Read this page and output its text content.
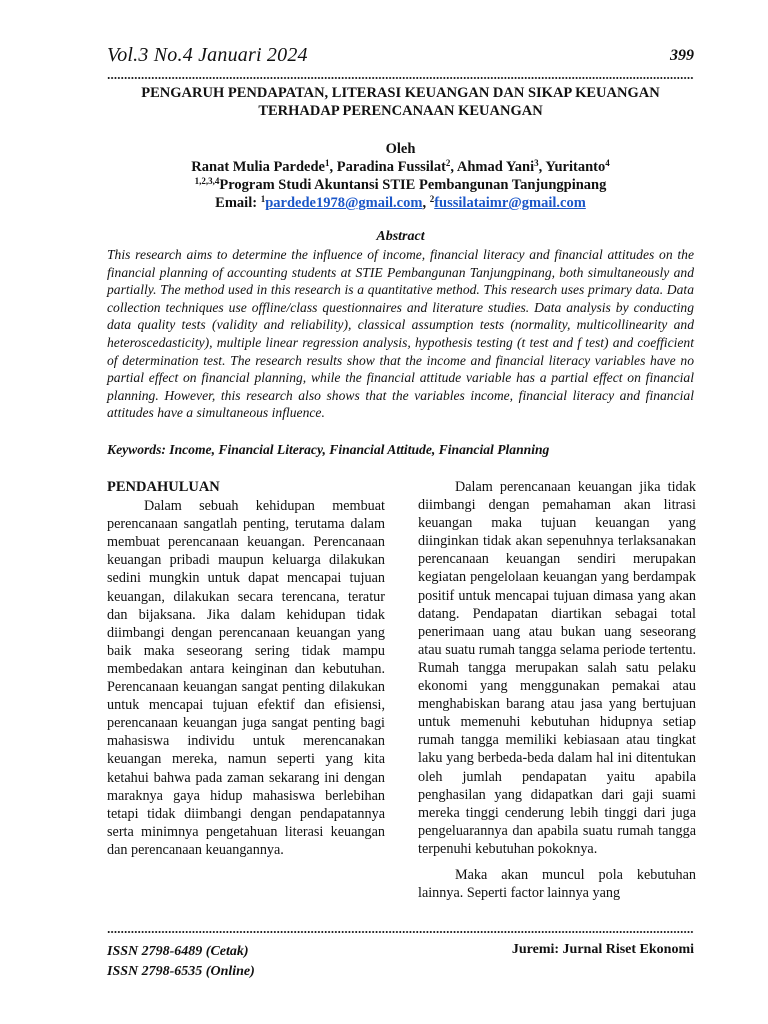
Vol.3 No.4 Januari 2024	399
PENGARUH PENDAPATAN, LITERASI KEUANGAN DAN SIKAP KEUANGAN
TERHADAP PERENCANAAN KEUANGAN
Oleh
Ranat Mulia Pardede$^1$, Paradina Fussilat$^2$, Ahmad Yani$^3$, Yuritanto$^4$
$^{1,2,3,4}$Program Studi Akuntansi STIE Pembangunan Tanjungpinang
Email: $^1$pardede1978@gmail.com, $^2$fussilataimr@gmail.com
Abstract
This research aims to determine the influence of income, financial literacy and financial attitudes on the financial planning of accounting students at STIE Pembangunan Tanjungpinang, both simultaneously and partially. The method used in this research is a quantitative method. This research uses primary data. Data collection techniques use offline/class questionnaires and literature studies. Data analysis by conducting data quality tests (validity and reliability), classical assumption tests (normality, multicollinearity and heteroscedasticity), multiple linear regression analysis, hypothesis testing (t test and f test) and coefficient of determination test. The research results show that the income and financial literacy variables have no partial effect on financial planning, while the financial attitude variable has a partial effect on financial planning. However, this research also shows that the variables income, financial literacy and financial attitudes have a simultaneous influence.
Keywords: Income, Financial Literacy, Financial Attitude, Financial Planning
PENDAHULUAN

Dalam sebuah kehidupan membuat perencanaan sangatlah penting, terutama dalam membuat perencanaan keuangan. Perencanaan keuangan pribadi maupun keluarga dilakukan sedini mungkin untuk dapat mencapai tujuan keuangan, dilakukan secara terencana, teratur dan bijaksana. Jika dalam kehidupan tidak diimbangi dengan perencanaan keuangan yang baik maka seseorang sering tidak mampu membedakan antara keinginan dan kebutuhan. Perencanaan keuangan sangat penting dilakukan untuk mencapai tujuan efektif dan efisiensi, perencanaan keuangan juga sangat penting bagi mahasiswa individu untuk merencanakan keuangan mereka, namun seperti yang kita ketahui bahwa pada zaman sekarang ini dengan maraknya gaya hidup mahasiswa berlebihan tetapi tidak diimbangi dengan pendapatannya serta minimnya pengetahuan literasi keuangan dan perencanaan keuangannya.

Dalam perencanaan keuangan jika tidak diimbangi dengan pemahaman akan litrasi keuangan maka tujuan keuangan yang diinginkan tidak akan sepenuhnya terlaksanakan perencanaan keuangan sendiri merupakan kegiatan pengelolaan keuangan yang berdampak positif untuk mencapai tujuan dimasa yang akan datang. Pendapatan diartikan sebagai total penerimaan uang atau bukan uang seseorang atau suatu rumah tangga selama periode tertentu. Rumah tangga merupakan salah satu pelaku ekonomi yang menggunakan pemakai atau menghabiskan barang atau jasa yang bertujuan untuk memenuhi kebutuhan hidupnya setiap rumah tangga memiliki kebiasaan atau tingkat laku yang berbeda-beda dalam hal ini ditentukan oleh jumlah pendapatan yaitu apabila penghasilan yang didapatkan dari gaji suami mereka tinggi cenderung lebih tinggi dari juga pengeluarannya dan apabila suatu rumah tangga terpenuhi kebutuhan pokoknya.

Maka akan muncul pola kebutuhan lainnya. Seperti factor lainnya yang

ISSN 2798-6489 (Cetak)
ISSN 2798-6535 (Online)
Juremi: Jurnal Riset Ekonomi
